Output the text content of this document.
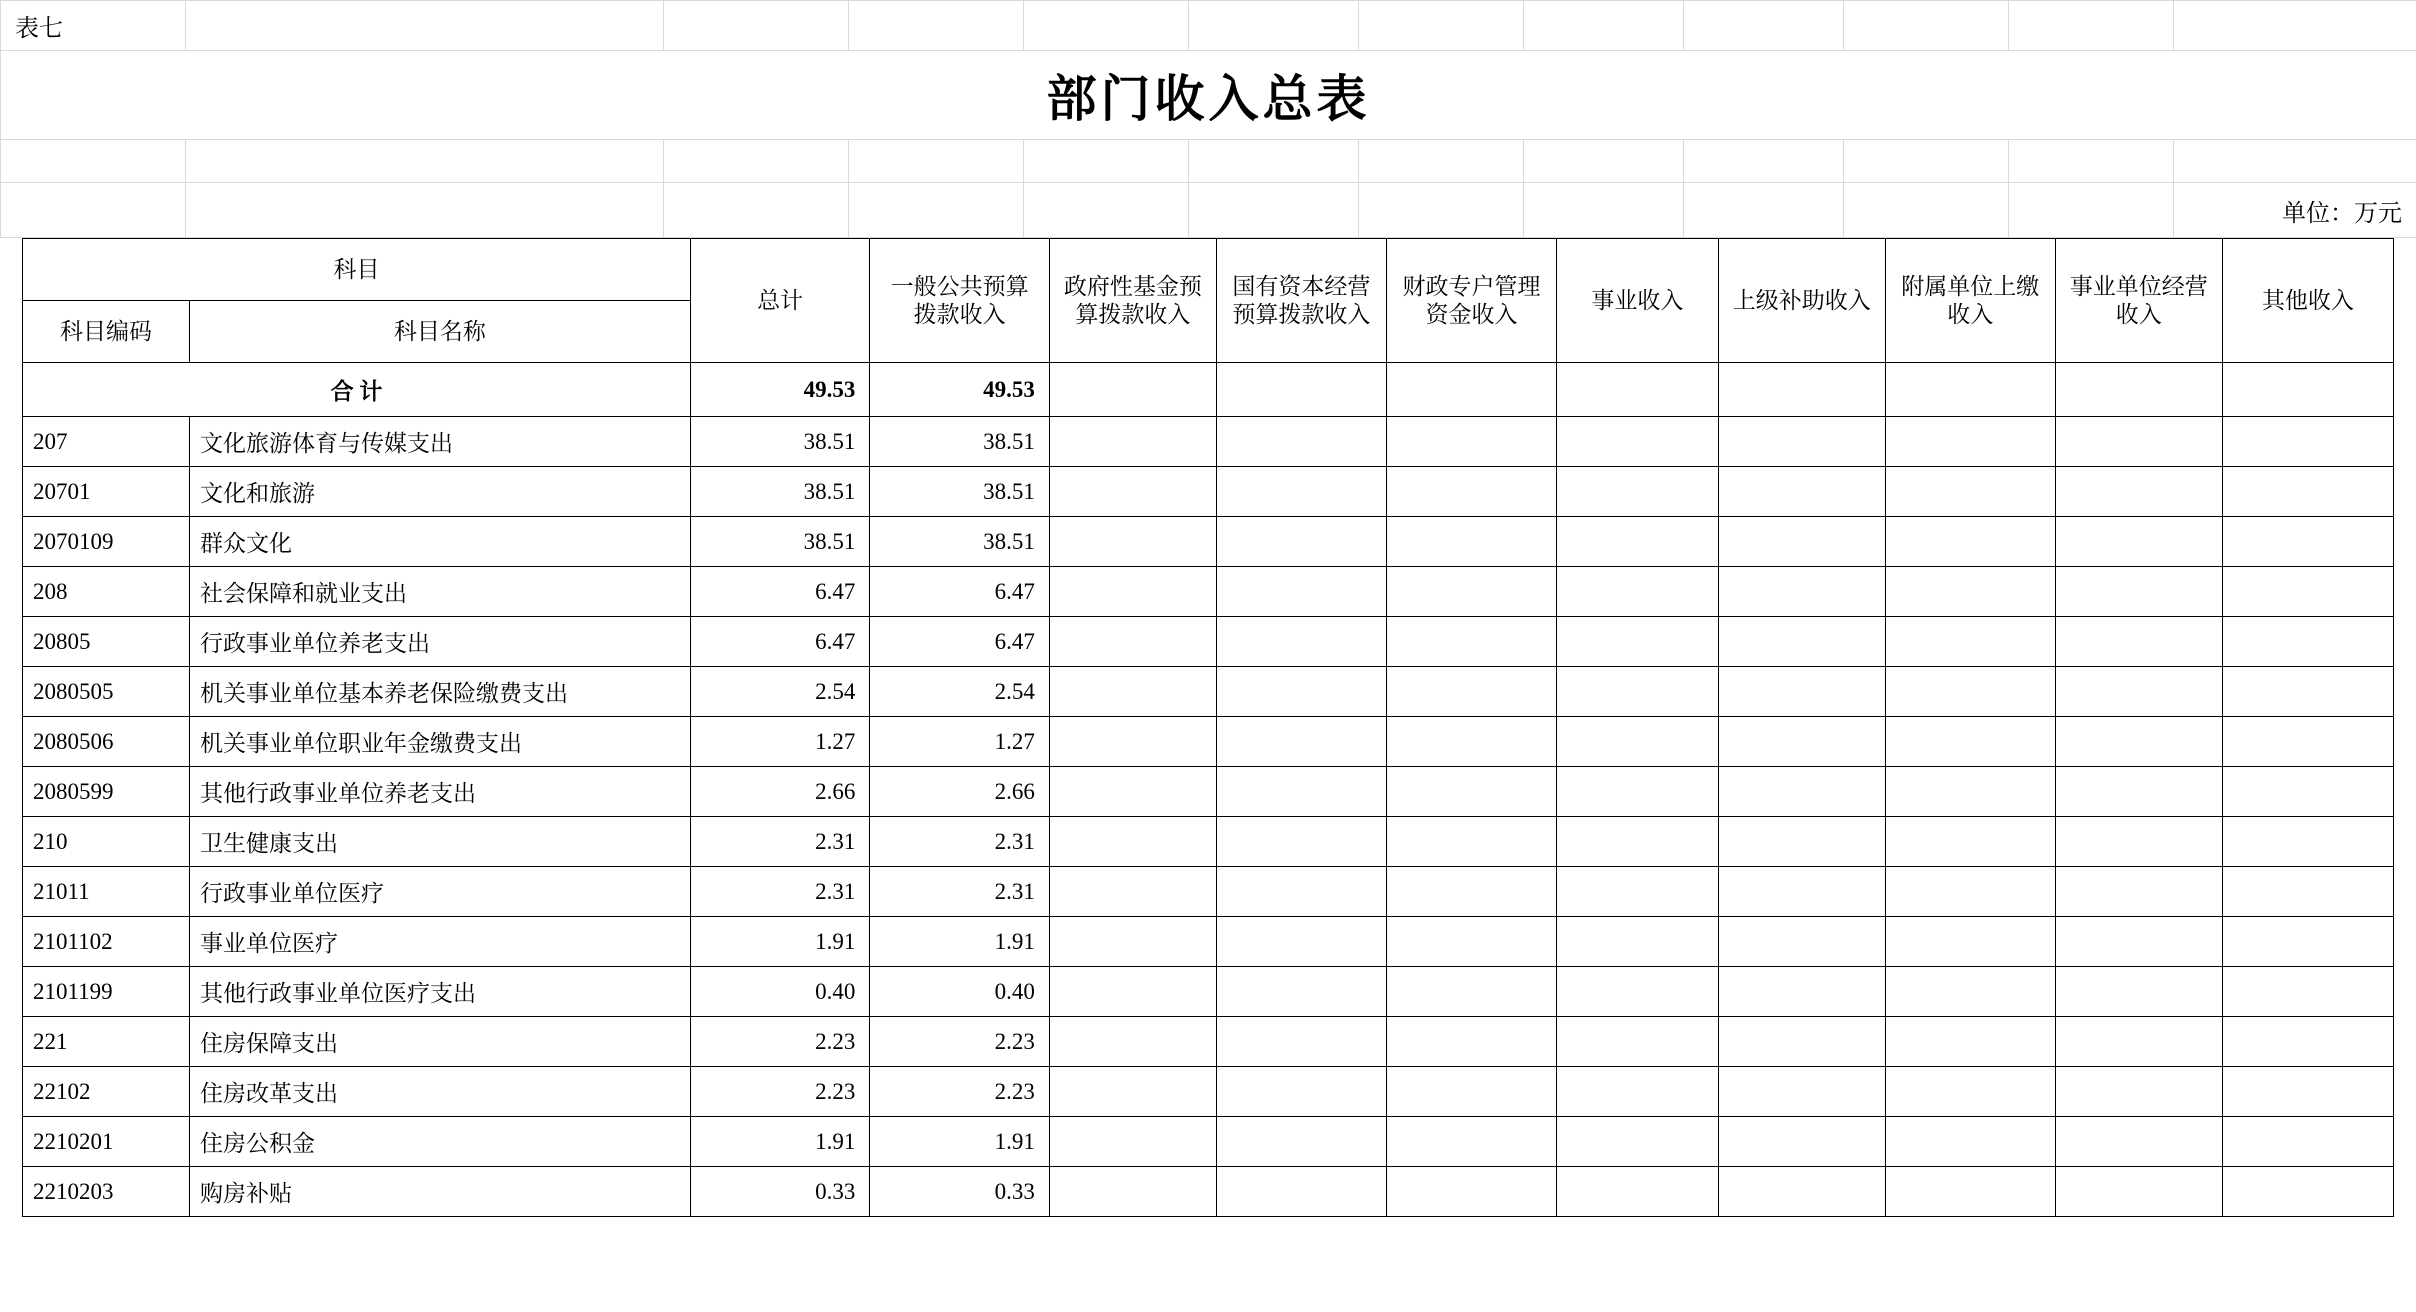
表七											
部门收入总表											

											单位：万元
科目		总计	一般公共预算拨款收入	政府性基金预算拨款收入	国有资本经营预算拨款收入	财政专户管理资金收入	事业收入	上级补助收入	附属单位上缴收入	事业单位经营收入	其他收入
科目编码	科目名称										
合 计		49.53	49.53								
207	文化旅游体育与传媒支出	38.51	38.51								
20701	文化和旅游	38.51	38.51								
2070109	群众文化	38.51	38.51								
208	社会保障和就业支出	6.47	6.47								
20805	行政事业单位养老支出	6.47	6.47								
2080505	机关事业单位基本养老保险缴费支出	2.54	2.54								
2080506	机关事业单位职业年金缴费支出	1.27	1.27								
2080599	其他行政事业单位养老支出	2.66	2.66								
210	卫生健康支出	2.31	2.31								
21011	行政事业单位医疗	2.31	2.31								
2101102	事业单位医疗	1.91	1.91								
2101199	其他行政事业单位医疗支出	0.40	0.40								
221	住房保障支出	2.23	2.23								
22102	住房改革支出	2.23	2.23								
2210201	住房公积金	1.91	1.91								
2210203	购房补贴	0.33	0.33								
